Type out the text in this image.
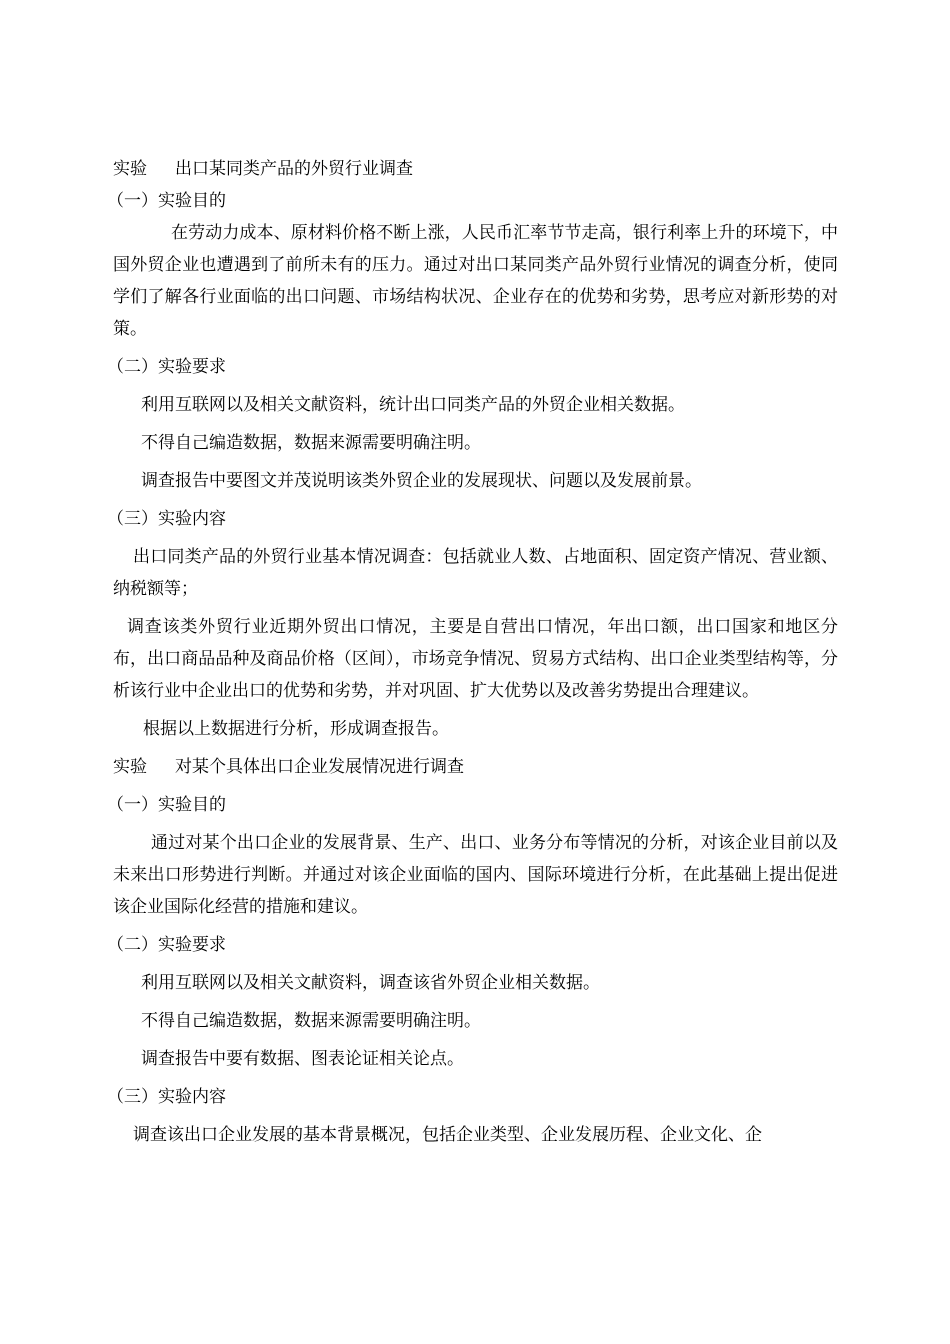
实验 出口某同类产品的外贸行业调查
（一）实验目的
在劳动力成本、原材料价格不断上涨，人民币汇率节节走高，银行利率上升的环境下，中国外贸企业也遭遇到了前所未有的压力。通过对出口某同类产品外贸行业情况的调查分析，使同学们了解各行业面临的出口问题、市场结构状况、企业存在的优势和劣势，思考应对新形势的对策。
（二）实验要求
利用互联网以及相关文献资料，统计出口同类产品的外贸企业相关数据。
不得自己编造数据，数据来源需要明确注明。
调查报告中要图文并茂说明该类外贸企业的发展现状、问题以及发展前景。
（三）实验内容
出口同类产品的外贸行业基本情况调查：包括就业人数、占地面积、固定资产情况、营业额、纳税额等；
调查该类外贸行业近期外贸出口情况，主要是自营出口情况，年出口额，出口国家和地区分布，出口商品品种及商品价格（区间），市场竞争情况、贸易方式结构、出口企业类型结构等，分析该行业中企业出口的优势和劣势，并对巩固、扩大优势以及改善劣势提出合理建议。
根据以上数据进行分析，形成调查报告。
实验 对某个具体出口企业发展情况进行调查
（一）实验目的
通过对某个出口企业的发展背景、生产、出口、业务分布等情况的分析，对该企业目前以及未来出口形势进行判断。并通过对该企业面临的国内、国际环境进行分析，在此基础上提出促进该企业国际化经营的措施和建议。
（二）实验要求
利用互联网以及相关文献资料，调查该省外贸企业相关数据。
不得自己编造数据，数据来源需要明确注明。
调查报告中要有数据、图表论证相关论点。
（三）实验内容
调查该出口企业发展的基本背景概况，包括企业类型、企业发展历程、企业文化、企
